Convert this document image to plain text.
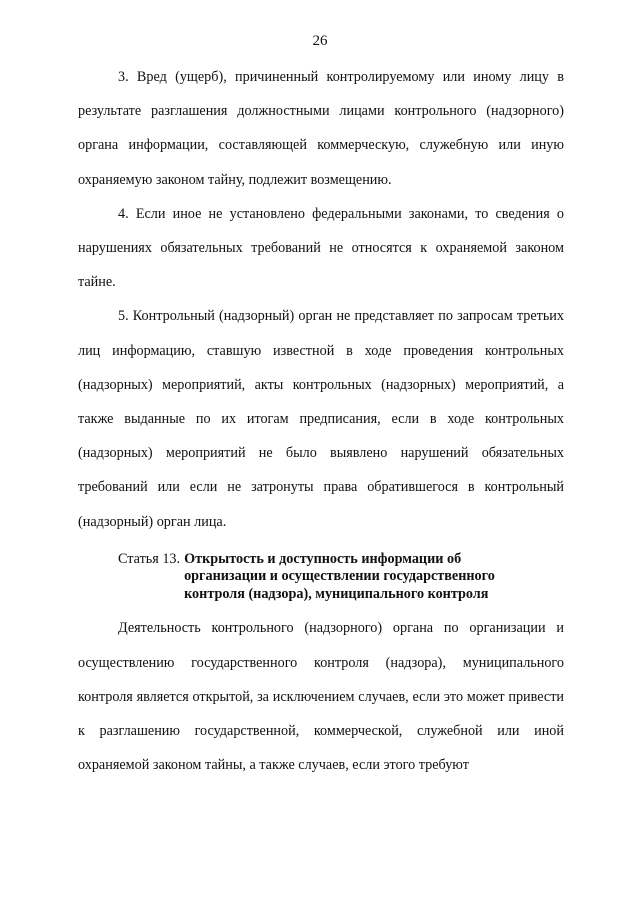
26

3. Вред (ущерб), причиненный контролируемому или иному лицу в результате разглашения должностными лицами контрольного (надзорного) органа информации, составляющей коммерческую, служебную или иную охраняемую законом тайну, подлежит возмещению.

4. Если иное не установлено федеральными законами, то сведения о нарушениях обязательных требований не относятся к охраняемой законом тайне.

5. Контрольный (надзорный) орган не представляет по запросам третьих лиц информацию, ставшую известной в ходе проведения контрольных (надзорных) мероприятий, акты контрольных (надзорных) мероприятий, а также выданные по их итогам предписания, если в ходе контрольных (надзорных) мероприятий не было выявлено нарушений обязательных требований или если не затронуты права обратившегося в контрольный (надзорный) орган лица.

Статья 13. Открытость и доступность информации об
организации и осуществлении государственного
контроля (надзора), муниципального контроля

Деятельность контрольного (надзорного) органа по организации и осуществлению государственного контроля (надзора), муниципального контроля является открытой, за исключением случаев, если это может привести к разглашению государственной, коммерческой, служебной или иной охраняемой законом тайны, а также случаев, если этого требуют
